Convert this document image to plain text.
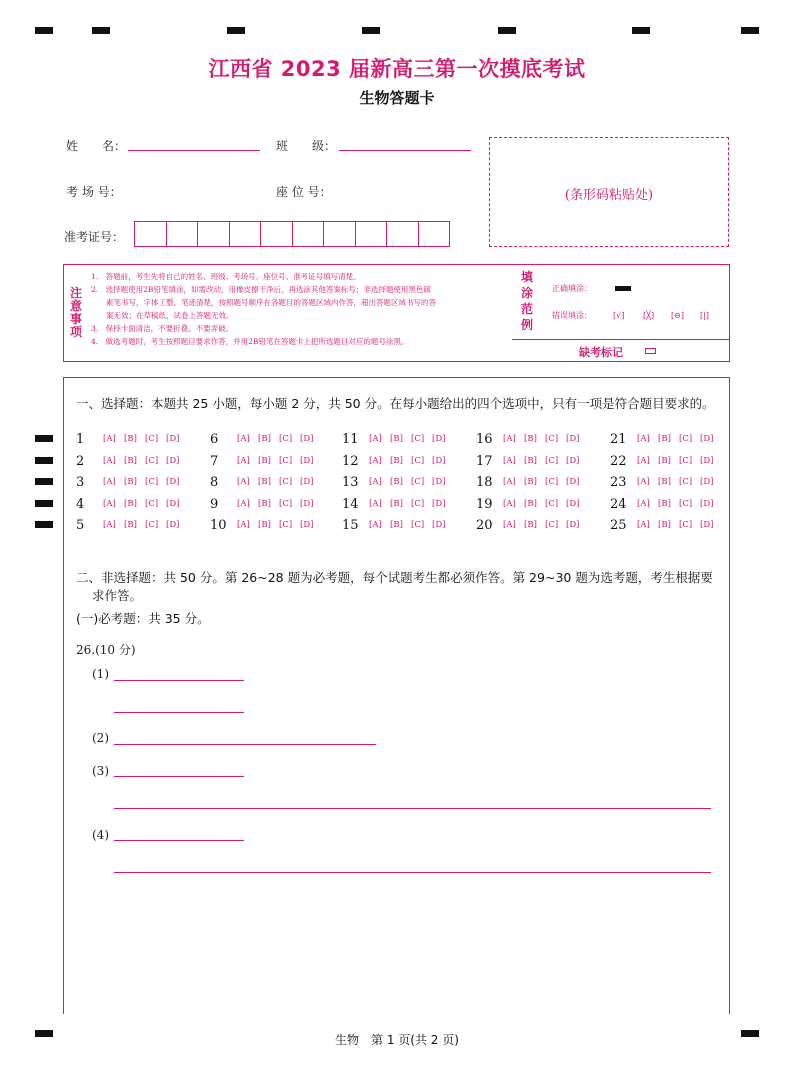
江西省 2023 届新高三第一次摸底考试
生物答题卡
姓　　名：	班　　级：
考 场 号：	座 位 号：
准考证号：
(条形码粘贴处)
注意事项
1.　答题前，考生先将自己的姓名、班级、考场号、座位号、准考证号填写清楚。
2.　选择题使用2B铅笔填涂，如需改动，用橡皮擦干净后，再选涂其他答案标号；非选择题使用黑色碳
　　素笔书写，字体工整、笔迹清楚，按照题号顺序在各题目的答题区域内作答，超出答题区域书写的答
　　案无效；在草稿纸、试卷上答题无效。
3.　保持卡面清洁，不要折叠、不要弄破。
4.　做选考题时，考生按照题目要求作答，并用2B铅笔在答题卡上把所选题目对应的题号涂黑。
填涂范例
正确填涂：
错误填涂：	[√] [╳] [⊖] [|]
缺考标记
一、选择题：本题共 25 小题，每小题 2 分，共 50 分。在每小题给出的四个选项中，只有一项是符合题目要求的。
1 [A] [B] [C] [D]
2 [A] [B] [C] [D]
3 [A] [B] [C] [D]
4 [A] [B] [C] [D]
5 [A] [B] [C] [D]
6 [A] [B] [C] [D]
7 [A] [B] [C] [D]
8 [A] [B] [C] [D]
9 [A] [B] [C] [D]
10 [A] [B] [C] [D]
11 [A] [B] [C] [D]
12 [A] [B] [C] [D]
13 [A] [B] [C] [D]
14 [A] [B] [C] [D]
15 [A] [B] [C] [D]
16 [A] [B] [C] [D]
17 [A] [B] [C] [D]
18 [A] [B] [C] [D]
19 [A] [B] [C] [D]
20 [A] [B] [C] [D]
21 [A] [B] [C] [D]
22 [A] [B] [C] [D]
23 [A] [B] [C] [D]
24 [A] [B] [C] [D]
25 [A] [B] [C] [D]
二、非选择题：共 50 分。第 26~28 题为必考题，每个试题考生都必须作答。第 29~30 题为选考题，考生根据要
求作答。
(一)必考题：共 35 分。
26.(10 分)
(1)
(2)
(3)
(4)
生物　第 1 页(共 2 页)
